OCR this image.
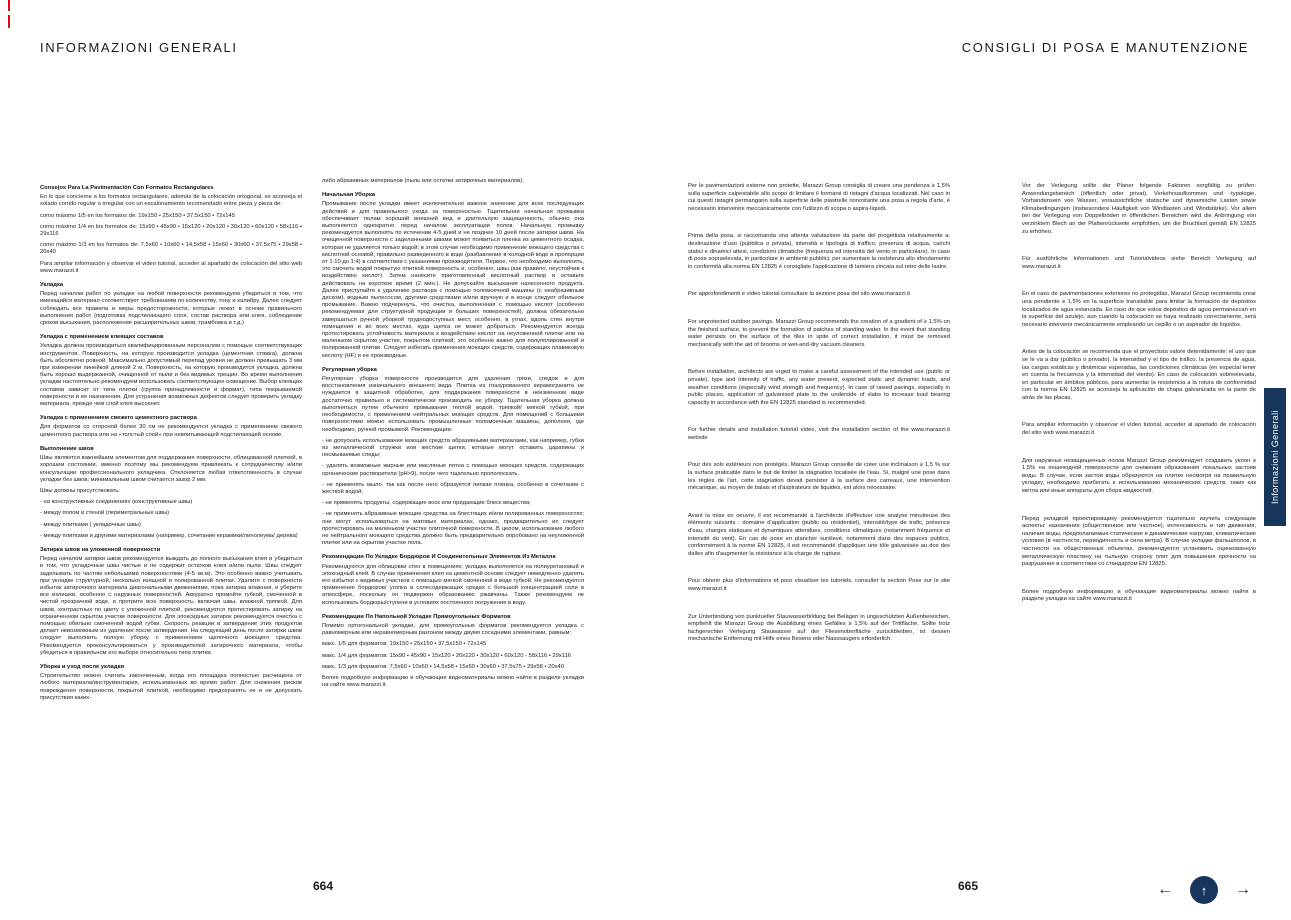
INFORMAZIONI GENERALI	CONSIGLI DI POSA E MANUTENZIONE
Consejos Para La Pavimentación Con Formatos Rectangulares

En lo que concierne a los formatos rectangulares, además de la colocación ortogonal, se aconseja el solado corrido regular o irregular con un escalonamiento recomendado entre pieza y pieza de:

como máximo 1/5 en los formatos de: 19x150 • 25x150 • 37,5x150 • 72x145

como máximo 1/4 en los formatos de: 15x90 • 45x90 • 15x120 • 20x120 • 30x120 • 60x120 • 58x116 • 29x116

como máximo 1/3 en los formatos de: 7,5x60 • 10x60 • 14,5x58 • 15x60 • 30x60 • 37,5x75 • 29x58 • 20x40

Para ampliar información y observar el video tutorial, acceder al apartado de colocación del sitio web www.marazzi.it

Укладка

Перед началом работ по укладке на любой поверхности рекомендуем убедиться в том, что имеющийся материал соответствует требованиям по количеству, тону и калибру. Далее следует соблюдать все правила и меры предосторожности, которые лежат в основе правильного выполнения работ (подготовка подстилающего слоя, состав раствора или клея, соблюдение сроков высыхания, расположение расширительных швов, трамбовка и т.д.)

Укладка с применением клеящих составов

Укладка должна производиться квалифицированным персоналом с помощью соответствующих инструментов. Поверхность, на которую производится укладка (цементная стяжка), должна быть абсолютно ровной. Максимально допустимый перепад уровня не должен превышать 3 мм при измерении линейкой длиной 2 м. Поверхность, на которую производится укладка, должна быть хорошо выдержанной, очищенной от пыли и без видимых трещин. Во время выполнения укладки настоятельно рекомендуем использовать соответствующее освещение. Выбор клеящих составов зависит от типа плитки (группа принадлежности и формат), типа покрываемой поверхности и ее назначения. Для устранения возможных дефектов следует проверить укладку материала, прежде чем слой клея высохнет.

Укладка с применением свежего цементного раствора

Для форматов со стороной более 30 см не рекомендуется укладка с применением свежего цементного раствора или на «толстый слой» при невпитывающей подстилающей основе.

Выполнение швов

Швы являются важнейшим элементом для поддержания поверхности, облицованной плиткой, в хорошем состоянии, именно поэтому мы рекомендуем привлекать к сотрудничеству и/или консультации профессионального укладчика. Отклоняется любая ответственность в случае укладки без швов; минимальным швом считается зазор 2 мм.

Швы должны присутствовать:

- на конструктивных соединениях (конструктивные швы)

- между полом и стеной (периметральные швы)

- между плитками ( укладочные швы)

- между плитками и другими материалами (например, сочетание керамики/линолеума/ дерева)

Затирка швов на уложенной поверхности

Перед началом затирки швов рекомендуется выждать до полного высыхания клея и убедиться в том, что укладочные швы чистые и не содержат остатков клея и/или пыли. Швы следует заделывать по частям небольшими поверхностями (4-5 кв.м). Это особенно важно учитывать при укладке структурной, несколько изящной и полированной плитки. Удалите с поверхности избыток затирочного материала диагональными движениями, пока затирка влажная, и уберите все излишки, особенно с наружных поверхностей. Аккуратно промойте губкой, смоченной в чистой прозрачной воде, и протрите всю поверхность, включая швы, влажной тряпкой. Для швов, контрастных по цвету с уложенной плиткой, рекомендуется протестировать затирку на ограниченном скрытом участке поверхности. Для эпоксидных затирок рекомендуется очистка с помощью обильно смоченной водой губки. Скорость реакции в затвердение этих продуктов делает невозможным их удаление после затвердения. На следующий день после затирки швов следует выполнить полную уборку с применением щелочного моющего средства. Рекомендуется проконсультироваться у производителей затирочного материала, чтобы убедиться в правильном его выборе относительно типа плитки.

Уборка и уход после укладки

Строительство можно считать законченным, когда его площадка полностью расчищена от любого материала/инструментария, использованных во время работ. Для снижения рисков повреждения поверхности, покрытой плиткой, необходимо предохранять ее и не допускать присутствия каких-

либо абразивных материалов (пыль или остатки затирочных материалов).

Начальная Уборка

Промывание после укладки имеет исключительно важное значение для всех последующих действий и для правильного ухода за поверхностью. Тщательная начальная промывка обеспечивает полам хороший внешний вид и длительную защищенность, обычно она выполняется однократно перед началом эксплуатации полов. Начальную промывку рекомендуется выполнять по истечении 4-5 дней и не позднее 10 дней после затирки швов. На очищенной поверхности с заделанными швами может появиться пленка из цементного осадка, которая не удаляется только водой; в этом случае необходимо применение моющего средства с кислотной основой, правильно разведенного в воде (разбавление в холодной воде в пропорции от 1:10 до 1:4) в соответствии с указаниями производителя. Первое, что необходимо выполнить, это смочить водой покрытую плиткой поверхность и, особенно, швы (как правило, неустойчив к воздействию кислот). Затем нанесите приготовленный кислотный раствор и оставьте действовать на короткое время (2 мин.). Не допускайте высыхания нанесенного продукта. Далее приступайте к удалению раствора с помощью поломоечной машины (с неабразивным диском), водным пылесосом, другими средствами и/или вручную и в конце следует обильное промывание. Важно подчеркнуть, что очистка, выполненная с помощью кислот (особенно рекомендуемая для структурной продукции и больших поверхностей), должна обязательно завершаться ручной уборкой труднодоступных мест, особенно, в углах, вдоль стен внутри помещения и во всех местах, куда щетка не может добраться. Рекомендуется всегда протестировать устойчивость материала к воздействию кислот на неуложенной плитке или на маленьком скрытом участке, покрытом плиткой; это особенно важно для полуполированной и полированной плитки. Следует избегать применения моющих средств, содержащих плавиковую кислоту (HF) и ее производные.

Регулярная уборка

Регулярная уборка поверхности производится для удаления грязи, следов и для восстановления изначального внешнего вида. Плитка из глазурованного керамогранита не нуждается в защитной обработке, для поддержания поверхности в неизменном виде достаточно правильно и систематически производить ее уборку. Тщательная уборка должна выполняться путем обычного промывания теплой водой, тряпкой/ мягкой губкой, при необходимости, с применением нейтральных моющих средств. Для помещений с большими поверхностями можно использовать промышленные поломоечные машины, дополняя, где необходимо, ручной промывкой. Рекомендации:

- не допускать использование моющих средств абразивными материалами, как например, губки из металлической стружки или жесткие щетки, которые могут оставить царапины и несмываемые следы;

- удалять возможные жирные или масляные пятна с помощью моющих средств, содержащих органические растворители (pH>9), после чего тщательно прополоскать.

- не применять мыло, так как после него образуется липкая пленка, особенно в сочетании с жесткой водой;

- не применять продукты, содержащие воск или придающие блеск вещества;

- не применять абразивные моющие средства на блестящих и/или полированных поверхностях; они могут использоваться на матовых материалах, однако, предварительно их следует протестировать на маленьком участке плиточной поверхности. В целом, использование любого не нейтрального моющего средства должно быть предварительно опробовано на неуложенной плитке или на скрытом участке пола.

Рекомендации По Укладке Бордюров И Соединительных Элементов Из Металла

Рекомендуются для облицовки стен в помещениях; укладка выполняется на полиуретановый и эпоксидный клей. В случае применения клея на цементной основе следует немедленно удалять его избытки с видимых участков с помощью мягкой смоченной в воде губкой. Не рекомендуется применение бордюров/ уголка в солесодержащих средах с большой концентрацией соли в атмосфере, поскольку он подвержен образованию ржавчины. Также рекомендуем не использовать бордюры/ступени в условиях постоянного погружения в воду.

Рекомендации По Напольной Укладке Прямоугольных Форматов

Помимо ортогональной укладки, для прямоугольных форматов рекомендуется укладка с равномерным или неравномерным разгоном между двумя соседними элементами, равным:

макс. 1/5 для форматов: 19x150 • 25x150 • 37,5x150 • 72x145

макс. 1/4 для форматов: 15x90 • 45x90 • 15x120 • 20x120 • 30x120 • 60x120 - 58x116 • 29x116

макс. 1/3 для форматов: 7,5x60 • 10x60 • 14,5x58 • 15x60 • 30x60 • 37,5x75 • 29x58 • 20x40

Более подробную информацию и обучающие видеоматериалы можно найти в разделе укладки на сайте www.marazzi.it

Per le pavimentazioni esterne non protette, Marazzi Group consiglia di creare una pendenza ≥ 1,5% sulla superficie calpestabile allo scopo di limitare il formarsi di ristagni d'acqua localizzati. Nel caso in cui questi ristagni permangano sulla superficie delle piastrelle nonostante una posa a regola d'arte, è necessario intervenire meccanicamente con l'utilizzo di scopa o aspira-liquidi.

Prima della posa, si raccomanda una attenta valutazione da parte del progettista relativamente a: destinazione d'uso (pubblica o privata), intensità e tipologia di traffico, presenza di acqua, carichi statici e dinamici attesi, condizioni climatiche (frequenza ed intensità del vento in particolare). In caso di posa sopraelevata, in particolare in ambienti pubblici, per aumentare la resistenza allo sfondamento in conformità alla norma EN 12825 è consigliate l'applicazione di lamiera zincata sul retro delle lastre.

Per approfondimenti e video tutorial consultare la sezione posa del sito www.marazzi.it

For unprotected outdoor pavings, Marazzi Group recommends the creation of a gradient of ≥ 1,5% on the finished surface, to prevent the formation of patches of standing water. In the event that standing water persists on the surface of the tiles in spite of correct installation, it must be removed mechanically with the aid of brooms or wet-and-dry vacuum cleaners.

Before installation, architects are urged to make a careful assessment of the intended use (public or private), type and intensity of traffic, any water present, expected static and dynamic loads, and weather conditions (especially wind strength and frequency). In case of raised pavings, especially in public places, application of galvanised plate to the underside of slabs to increase load bearing capacity in accordance with the EN 12825 standard is recommended.

For further details and installation tutorial video, visit the installation section of the www.marazzi.it website

Pour des sols extérieurs non protégés, Marazzi Group conseille de créer une inclinaison ≥ 1,5 % sur la surface praticable dans le but de limiter la stagnation localisée de l'eau. Si, malgré une pose dans les règles de l'art, cette stagnation devait persister à la surface des carreaux, une intervention mécanique, au moyen de balais et d'aspirateurs de liquides, est alors nécessaire.

Avant la mise en oeuvre, il est recommandé à l'architecte d'effectuer une analyse minutieuse des éléments suivants : domaine d'application (public ou résidentiel), intensité/type de trafic, présence d'eau, charges statiques et dynamiques attendues, conditions climatiques (notamment fréquence et intensité du vent). En cas de pose en plancher surélevé, notamment dans des espaces publics, conformément à la norme EN 12825, il est recommandé d'appliquer une tôle galvanisée au dos des dalles afin d'augmenter la résistance à la charge de rupture.

Pour obtenir plus d'informations et pour visualiser les tutoriels, consulter la section Pose sur le site www.marazzi.it

Zur Unterbindung von punktueller Stauwasserbildung bei Belägen in ungeschützten Außenbereichen, empfiehlt die Marazzi Group die Ausbildung eines Gefälles ≥ 1,5% auf der Trittfläche. Sollte trotz fachgerechter Verlegung Stauwasser auf der Fliesenoberfläche zurückbleiben, ist dessen mechanische Entfernung mit Hilfe eines Besens oder Nasssaugers erforderlich.

Vor der Verlegung sollte der Planer folgende Faktoren sorgfältig zu prüfen: Anwendungsbereich (öffentlich oder privat), Verkehrsaufkommen und -typologie, Vorhandensein von Wasser, voraussichtliche statische und dynamische Lasten sowie Klimabedingungen (insbesondere Häufigkeit von Windlasten und Windstärke). Vor allem bei der Verlegung von Doppelböden in öffentlichen Bereichen wird die Anbringung von verzinktem Blech an der Plattenrückseite empfohlen, um die Bruchlast gemäß EN 12825 zu erhöhen.

Für ausführliche Informationen und Tutorialvideos siehe Bereich Verlegung auf www.marazzi.it

En el caso de pavimentaciones exteriores no protegidas, Marazzi Group recomienda crear una pendiente ≥ 1,5% en la superficie transitable para limitar la formación de depósitos localizados de agua estancada. En caso de que estos depósitos de agua permanezcan en la superficie del azulejo, aun cuando la colocación se haya realizado correctamente, será necesario intervenir mecánicamente empleando un cepillo o un aspirador de líquidos.

Antes de la colocación se recomienda que el proyectista valore detenidamente: el uso que se le va a dar (público o privado), la intensidad y el tipo de tráfico, la presencia de agua, las cargas estáticas y dinámicas esperadas, las condiciones climáticas (en especial tener en cuenta la frecuencia y la intensidad del viento). En caso de colocación sobreelevada, en particular en ámbitos públicos, para aumentar la resistencia a la rotura de conformidad con la norma EN 12825 se aconseja la aplicación de chapa galvanizada en la parte de atrás de las placas.

Para ampliar información y observar el vídeo tutorial, acceder al apartado de colocación del sitio web www.marazzi.it

Для наружных незащищенных полов Marazzi Group рекомендует создавать уклон ≥ 1,5% на пешеходной поверхности для снижения образования локальных застоев воды. В случае, если застои воды образуются на плитке несмотря на правильную укладку, необходимо прибегать к использованию механических средств, таких как метла или иные аппараты для сбора жидкостей.

Перед укладкой проектировщику рекомендуется тщательно изучить следующие аспекты: назначение (общественное или частное), интенсивность и тип движения, наличие воды, предполагаемые статические и динамические нагрузки, климатические условия (в частности, периодичность и сила ветра). В случае укладки фальшполов, в частности на общественных объектах, рекомендуется установить оцинкованную металлическую пластину на тыльную сторону плит для повышения прочности на разрушение в соответствии со стандартом EN 12825.

Более подробную информацию и обучающие видеоматериалы можно найти в разделе укладки на сайте www.marazzi.it

664	665
Informazioni Generali
← ↑ →
